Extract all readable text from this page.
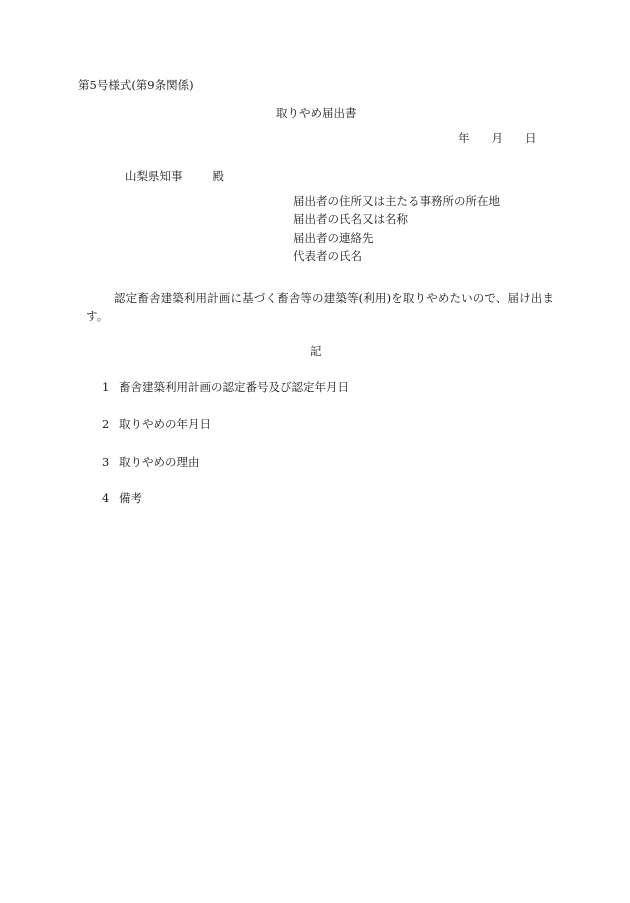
第5号様式(第9条関係)
取りやめ届出書
年 月 日
山梨県知事	殿
届出者の住所又は主たる事務所の所在地
届出者の氏名又は名称
届出者の連絡先
代表者の氏名
認定畜舎建築利用計画に基づく畜舎等の建築等(利用)を取りやめたいので、届け出ます。
記
1 畜舎建築利用計画の認定番号及び認定年月日
2 取りやめの年月日
3 取りやめの理由
4 備考
